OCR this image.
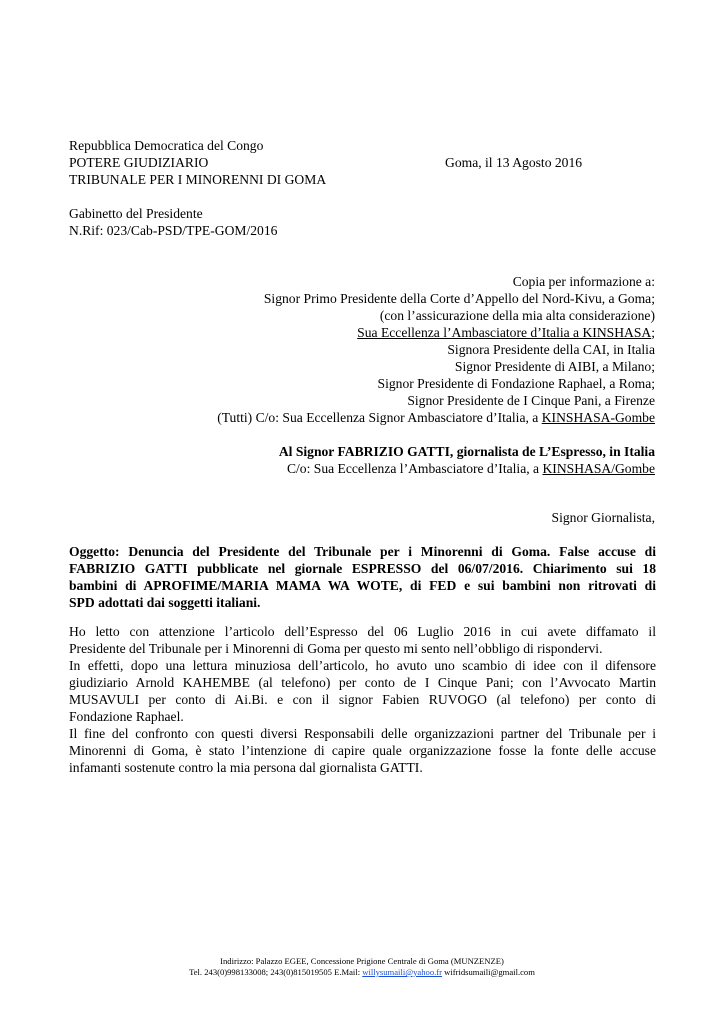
Repubblica Democratica del Congo
POTERE GIUDIZIARIO
TRIBUNALE PER I MINORENNI DI GOMA
Goma, il 13 Agosto 2016
Gabinetto del Presidente
N.Rif: 023/Cab-PSD/TPE-GOM/2016
Copia per informazione a:
Signor Primo Presidente della Corte d’Appello del Nord-Kivu, a Goma;
(con l’assicurazione della mia alta considerazione)
Sua Eccellenza l’Ambasciatore d’Italia a KINSHASA;
Signora Presidente della CAI, in Italia
Signor Presidente di AIBI, a Milano;
Signor Presidente di Fondazione Raphael, a Roma;
Signor Presidente de I Cinque Pani, a Firenze
(Tutti) C/o: Sua Eccellenza Signor Ambasciatore d’Italia, a KINSHASA-Gombe
Al Signor FABRIZIO GATTI, giornalista de L’Espresso, in Italia
C/o: Sua Eccellenza l’Ambasciatore d’Italia, a KINSHASA/Gombe
Signor Giornalista,
Oggetto: Denuncia del Presidente del Tribunale per i Minorenni di Goma. False accuse di
FABRIZIO GATTI pubblicate nel giornale ESPRESSO del 06/07/2016. Chiarimento sui 18
bambini di APROFIME/MARIA MAMA WA WOTE, di FED e sui bambini non ritrovati di
SPD adottati dai soggetti italiani.
Ho letto con attenzione l’articolo dell’Espresso del 06 Luglio 2016 in cui avete diffamato il
Presidente del Tribunale per i Minorenni di Goma per questo mi sento nell’obbligo di rispondervi.
In effetti, dopo una lettura minuziosa dell’articolo, ho avuto uno scambio di idee con il difensore
giudiziario Arnold KAHEMBE (al telefono) per conto de I Cinque Pani; con l’Avvocato Martin
MUSAVULI per conto di Ai.Bi. e con il signor Fabien RUVOGO (al telefono) per conto di
Fondazione Raphael.
Il fine del confronto con questi diversi Responsabili delle organizzazioni partner del Tribunale per i
Minorenni di Goma, è stato l’intenzione di capire quale organizzazione fosse la fonte delle accuse
infamanti sostenute contro la mia persona dal giornalista GATTI.
Indirizzo: Palazzo EGEE, Concessione Prigione Centrale di Goma (MUNZENZE)
Tel. 243(0)998133008; 243(0)815019505 E.Mail: willysumaili@yahoo.fr wifridsumaili@gmail.com
